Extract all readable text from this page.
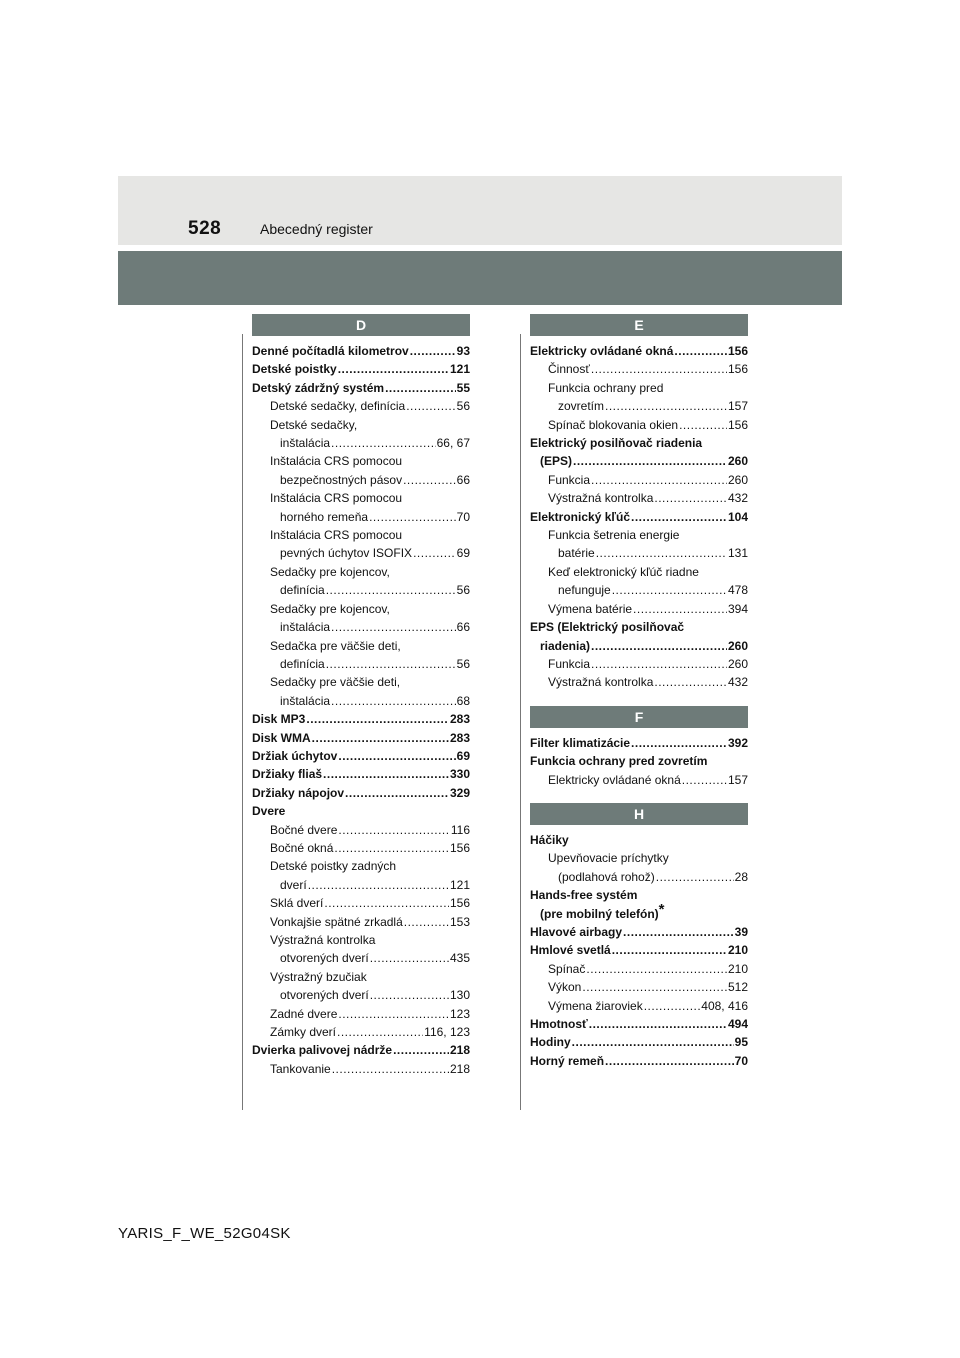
528	Abecedný register
D
Denné počítadlá kilometrov .....	93
Detské poistky .....	121
Detský zádržný systém .....	55
Detské sedačky, definícia .....	56
Detské sedačky,
inštalácia .....	66, 67
Inštalácia CRS pomocou
bezpečnostných pásov .....	66
Inštalácia CRS pomocou
horného remeňa .....	70
Inštalácia CRS pomocou
pevných úchytov ISOFIX .....	69
Sedačky pre kojencov,
definícia .....	56
Sedačky pre kojencov,
inštalácia .....	66
Sedačka pre väčšie deti,
definícia .....	56
Sedačky pre väčšie deti,
inštalácia .....	68
Disk MP3 .....	283
Disk WMA .....	283
Držiak úchytov .....	69
Držiaky fliaš .....	330
Držiaky nápojov .....	329
Dvere
Bočné dvere .....	116
Bočné okná .....	156
Detské poistky zadných
dverí .....	121
Sklá dverí .....	156
Vonkajšie spätné zrkadlá .....	153
Výstražná kontrolka
otvorených dverí .....	435
Výstražný bzučiak
otvorených dverí .....	130
Zadné dvere .....	123
Zámky dverí .....	116, 123
Dvierka palivovej nádrže .....	218
Tankovanie .....	218
E
Elektricky ovládané okná .....	156
Činnosť .....	156
Funkcia ochrany pred
zovretím .....	157
Spínač blokovania okien .....	156
Elektrický posilňovač riadenia
(EPS) .....	260
Funkcia .....	260
Výstražná kontrolka .....	432
Elektronický kľúč .....	104
Funkcia šetrenia energie
batérie .....	131
Keď elektronický kľúč riadne
nefunguje .....	478
Výmena batérie .....	394
EPS (Elektrický posilňovač
riadenia) .....	260
Funkcia .....	260
Výstražná kontrolka .....	432
F
Filter klimatizácie .....	392
Funkcia ochrany pred zovretím
Elektricky ovládané okná .....	157
H
Háčiky
Upevňovacie príchytky
(podlahová rohož) .....	28
Hands-free systém
(pre mobilný telefón)*
Hlavové airbagy .....	39
Hmlové svetlá .....	210
Spínač .....	210
Výkon .....	512
Výmena žiaroviek .....	408, 416
Hmotnosť .....	494
Hodiny .....	95
Horný remeň .....	70
YARIS_F_WE_52G04SK
